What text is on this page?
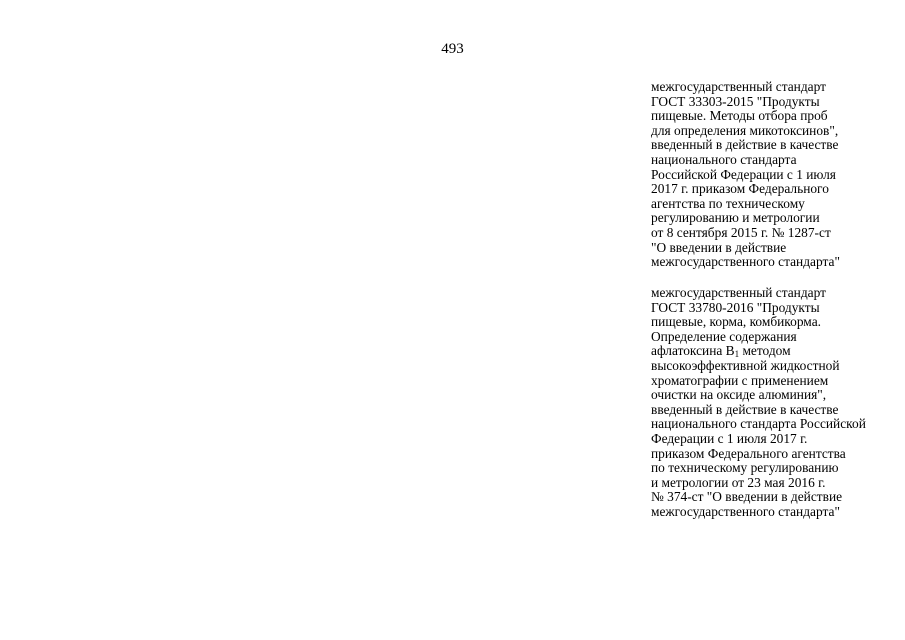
493
межгосударственный стандарт
ГОСТ 33303-2015 "Продукты
пищевые. Методы отбора проб
для определения микотоксинов",
введенный в действие в качестве
национального стандарта
Российской Федерации с 1 июля
2017 г. приказом Федерального
агентства по техническому
регулированию и метрологии
от 8 сентября 2015 г. № 1287-ст
"О введении в действие
межгосударственного стандарта"
межгосударственный стандарт
ГОСТ 33780-2016 "Продукты
пищевые, корма, комбикорма.
Определение содержания
афлатоксина $В_1$ методом
высокоэффективной жидкостной
хроматографии с применением
очистки на оксиде алюминия",
введенный в действие в качестве
национального стандарта Российской
Федерации с 1 июля 2017 г.
приказом Федерального агентства
по техническому регулированию
и метрологии от 23 мая 2016 г.
№ 374-ст "О введении в действие
межгосударственного стандарта"
